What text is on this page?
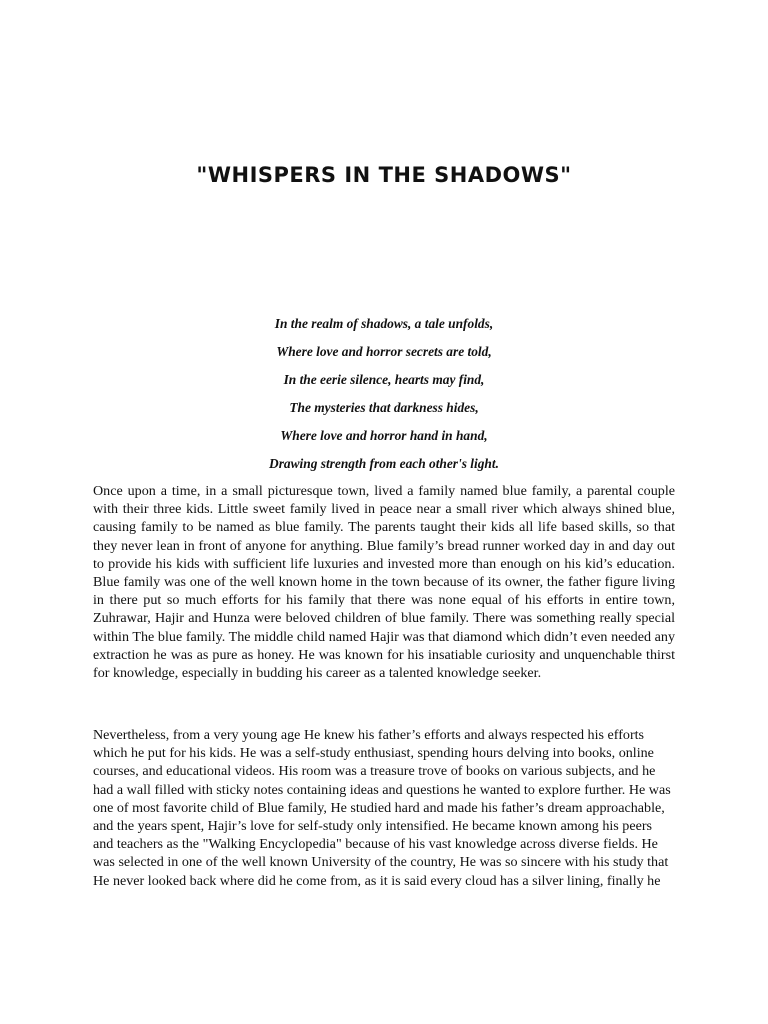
"WHISPERS IN THE SHADOWS"
In the realm of shadows, a tale unfolds,
Where love and horror secrets are told,
In the eerie silence, hearts may find,
The mysteries that darkness hides,
Where love and horror hand in hand,
Drawing strength from each other's light.

Once upon a time, in a small picturesque town, lived a family named blue family, a parental couple with their three kids. Little sweet family lived in peace near a small river which always shined blue, causing family to be named as blue family. The parents taught their kids all life based skills, so that they never lean in front of anyone for anything. Blue family’s bread runner worked day in and day out to provide his kids with sufficient life luxuries and invested more than enough on his kid’s education. Blue family was one of the well known home in the town because of its owner, the father figure living in there put so much efforts for his family that there was none equal of his efforts in entire town, Zuhrawar, Hajir and Hunza were beloved children of blue family. There was something really special within The blue family. The middle child named Hajir was that diamond which didn’t even needed any extraction he was as pure as honey. He was known for his insatiable curiosity and unquenchable thirst for knowledge, especially in budding his career as a talented knowledge seeker.

Nevertheless, from a very young age He knew his father’s efforts and always respected his efforts which he put for his kids. He was a self-study enthusiast, spending hours delving into books, online courses, and educational videos. His room was a treasure trove of books on various subjects, and he had a wall filled with sticky notes containing ideas and questions he wanted to explore further. He was one of most favorite child of Blue family, He studied hard and made his father’s dream approachable, and the years spent, Hajir’s love for self-study only intensified. He became known among his peers and teachers as the "Walking Encyclopedia" because of his vast knowledge across diverse fields. He was selected in one of the well known University of the country, He was so sincere with his study that He never looked back where did he come from, as it is said every cloud has a silver lining, finally he
